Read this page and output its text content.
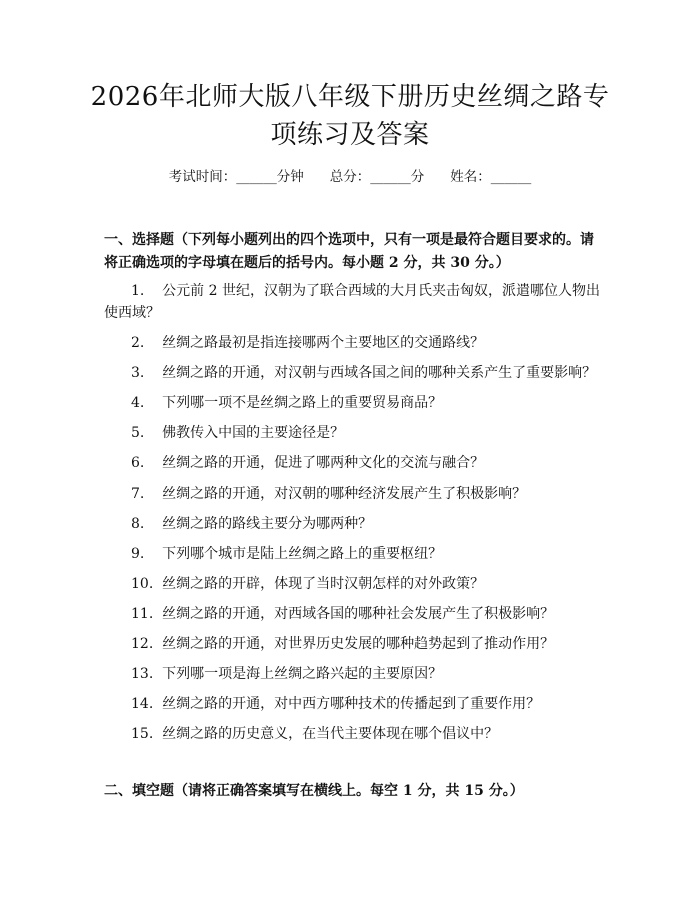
2026年北师大版八年级下册历史丝绸之路专项练习及答案
考试时间：______分钟 总分：______分 姓名：______
一、选择题（下列每小题列出的四个选项中，只有一项是最符合题目要求的。请将正确选项的字母填在题后的括号内。每小题 2 分，共 30 分。）
1. 公元前 2 世纪，汉朝为了联合西域的大月氏夹击匈奴，派遣哪位人物出使西域？
2. 丝绸之路最初是指连接哪两个主要地区的交通路线？
3. 丝绸之路的开通，对汉朝与西域各国之间的哪种关系产生了重要影响？
4. 下列哪一项不是丝绸之路上的重要贸易商品？
5. 佛教传入中国的主要途径是？
6. 丝绸之路的开通，促进了哪两种文化的交流与融合？
7. 丝绸之路的开通，对汉朝的哪种经济发展产生了积极影响？
8. 丝绸之路的路线主要分为哪两种？
9. 下列哪个城市是陆上丝绸之路上的重要枢纽？
10. 丝绸之路的开辟，体现了当时汉朝怎样的对外政策？
11. 丝绸之路的开通，对西域各国的哪种社会发展产生了积极影响？
12. 丝绸之路的开通，对世界历史发展的哪种趋势起到了推动作用？
13. 下列哪一项是海上丝绸之路兴起的主要原因？
14. 丝绸之路的开通，对中西方哪种技术的传播起到了重要作用？
15. 丝绸之路的历史意义，在当代主要体现在哪个倡议中？
二、填空题（请将正确答案填写在横线上。每空 1 分，共 15 分。）
